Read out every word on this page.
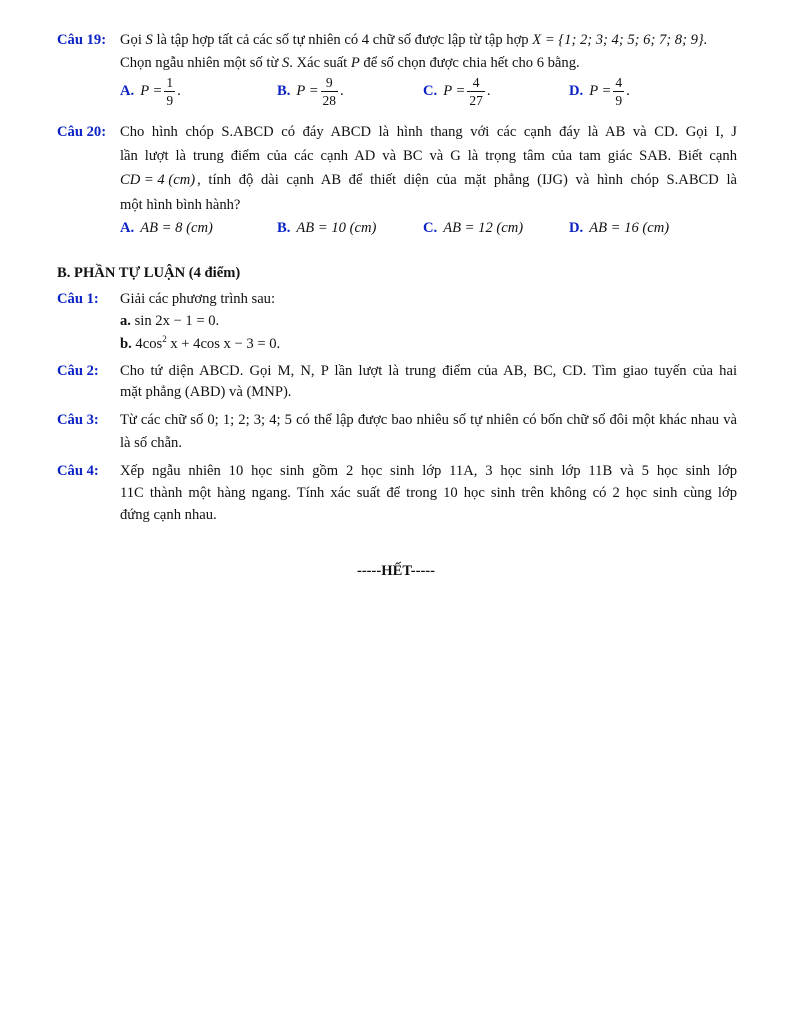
Câu 19: Gọi S là tập hợp tất cả các số tự nhiên có 4 chữ số được lập từ tập hợp X = {1; 2; 3; 4; 5; 6; 7; 8; 9}.
Chọn ngẫu nhiên một số từ S. Xác suất P để số chọn được chia hết cho 6 bằng.
A. $P = \frac{1}{9}$ .	B. $P = \frac{9}{28}$ .	C. $P = \frac{4}{27}$ .	D. $P = \frac{4}{9}$ .
Câu 20: Cho hình chóp S.ABCD có đáy ABCD là hình thang với các cạnh đáy là AB và CD. Gọi I, J
lần lượt là trung điểm của các cạnh AD và BC và G là trọng tâm của tam giác SAB. Biết cạnh
CD = 4 (cm) , tính độ dài cạnh AB để thiết diện của mặt phẳng (IJG) và hình chóp S.ABCD là
một hình bình hành?
A. AB = 8 (cm)	B. AB = 10 (cm)	C. AB = 12 (cm)	D. AB = 16 (cm)
B. PHẦN TỰ LUẬN (4 điểm)
Câu 1: Giải các phương trình sau:
a. sin 2x − 1 = 0.
b. $4\cos^2$ x + 4cos x − 3 = 0.
Câu 2: Cho tứ diện ABCD. Gọi M, N, P lần lượt là trung điểm của AB, BC, CD. Tìm giao tuyến của hai
mặt phẳng (ABD) và (MNP).
Câu 3: Từ các chữ số 0; 1; 2; 3; 4; 5 có thể lập được bao nhiêu số tự nhiên có bốn chữ số đôi một khác nhau và
là số chẵn.
Câu 4: Xếp ngẫu nhiên 10 học sinh gồm 2 học sinh lớp 11A, 3 học sinh lớp 11B và 5 học sinh lớp
11C thành một hàng ngang. Tính xác suất để trong 10 học sinh trên không có 2 học sinh cùng lớp
đứng cạnh nhau.
-----HẾT-----
